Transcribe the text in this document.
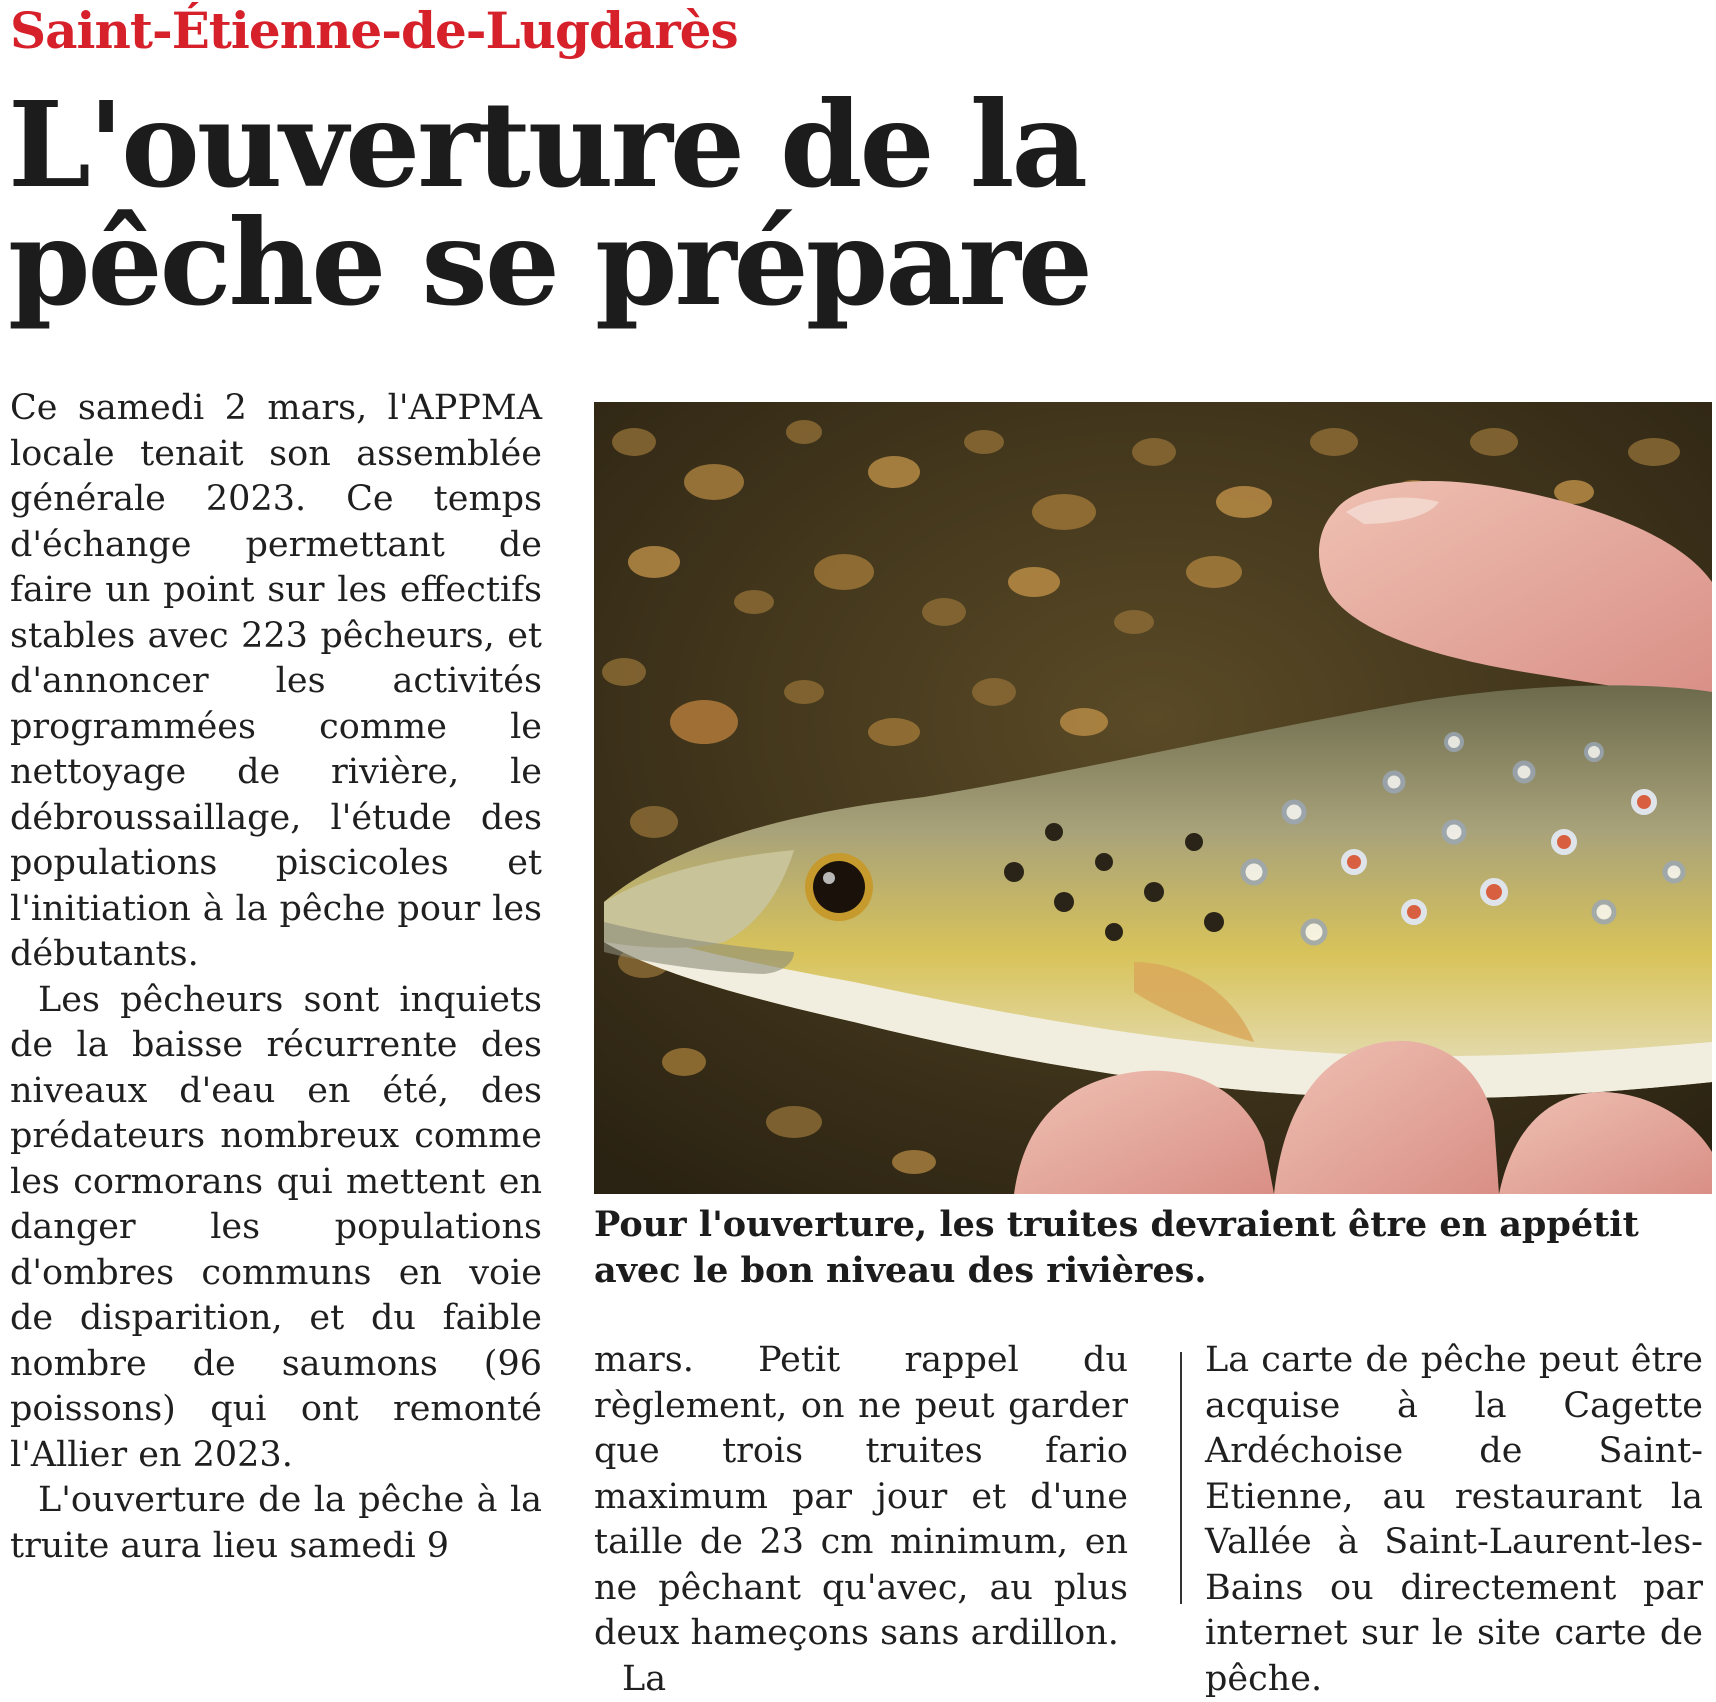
Saint-Étienne-de-Lugdarès
L'ouverture de la pêche se prépare

Ce samedi 2 mars, l'APPMA locale tenait son assemblée générale 2023. Ce temps d'échange permettant de faire un point sur les effectifs stables avec 223 pêcheurs, et d'annoncer les activités programmées comme le nettoyage de rivière, le débroussaillage, l'étude des populations piscicoles et l'initiation à la pêche pour les débutants.

Les pêcheurs sont inquiets de la baisse récurrente des niveaux d'eau en été, des prédateurs nombreux comme les cormorans qui mettent en danger les populations d'ombres communs en voie de disparition, et du faible nombre de saumons (96 poissons) qui ont remonté l'Allier en 2023.

L'ouverture de la pêche à la truite aura lieu samedi 9

Pour l'ouverture, les truites devraient être en appétit avec le bon niveau des rivières.

mars. Petit rappel du règlement, on ne peut garder que trois truites fario maximum par jour et d'une taille de 23 cm minimum, en ne pêchant qu'avec, au plus deux hameçons sans ardillon.

La

La carte de pêche peut être acquise à la Cagette Ardéchoise de Saint-Etienne, au restaurant la Vallée à Saint-Laurent-les-Bains ou directement par internet sur le site carte de pêche.
